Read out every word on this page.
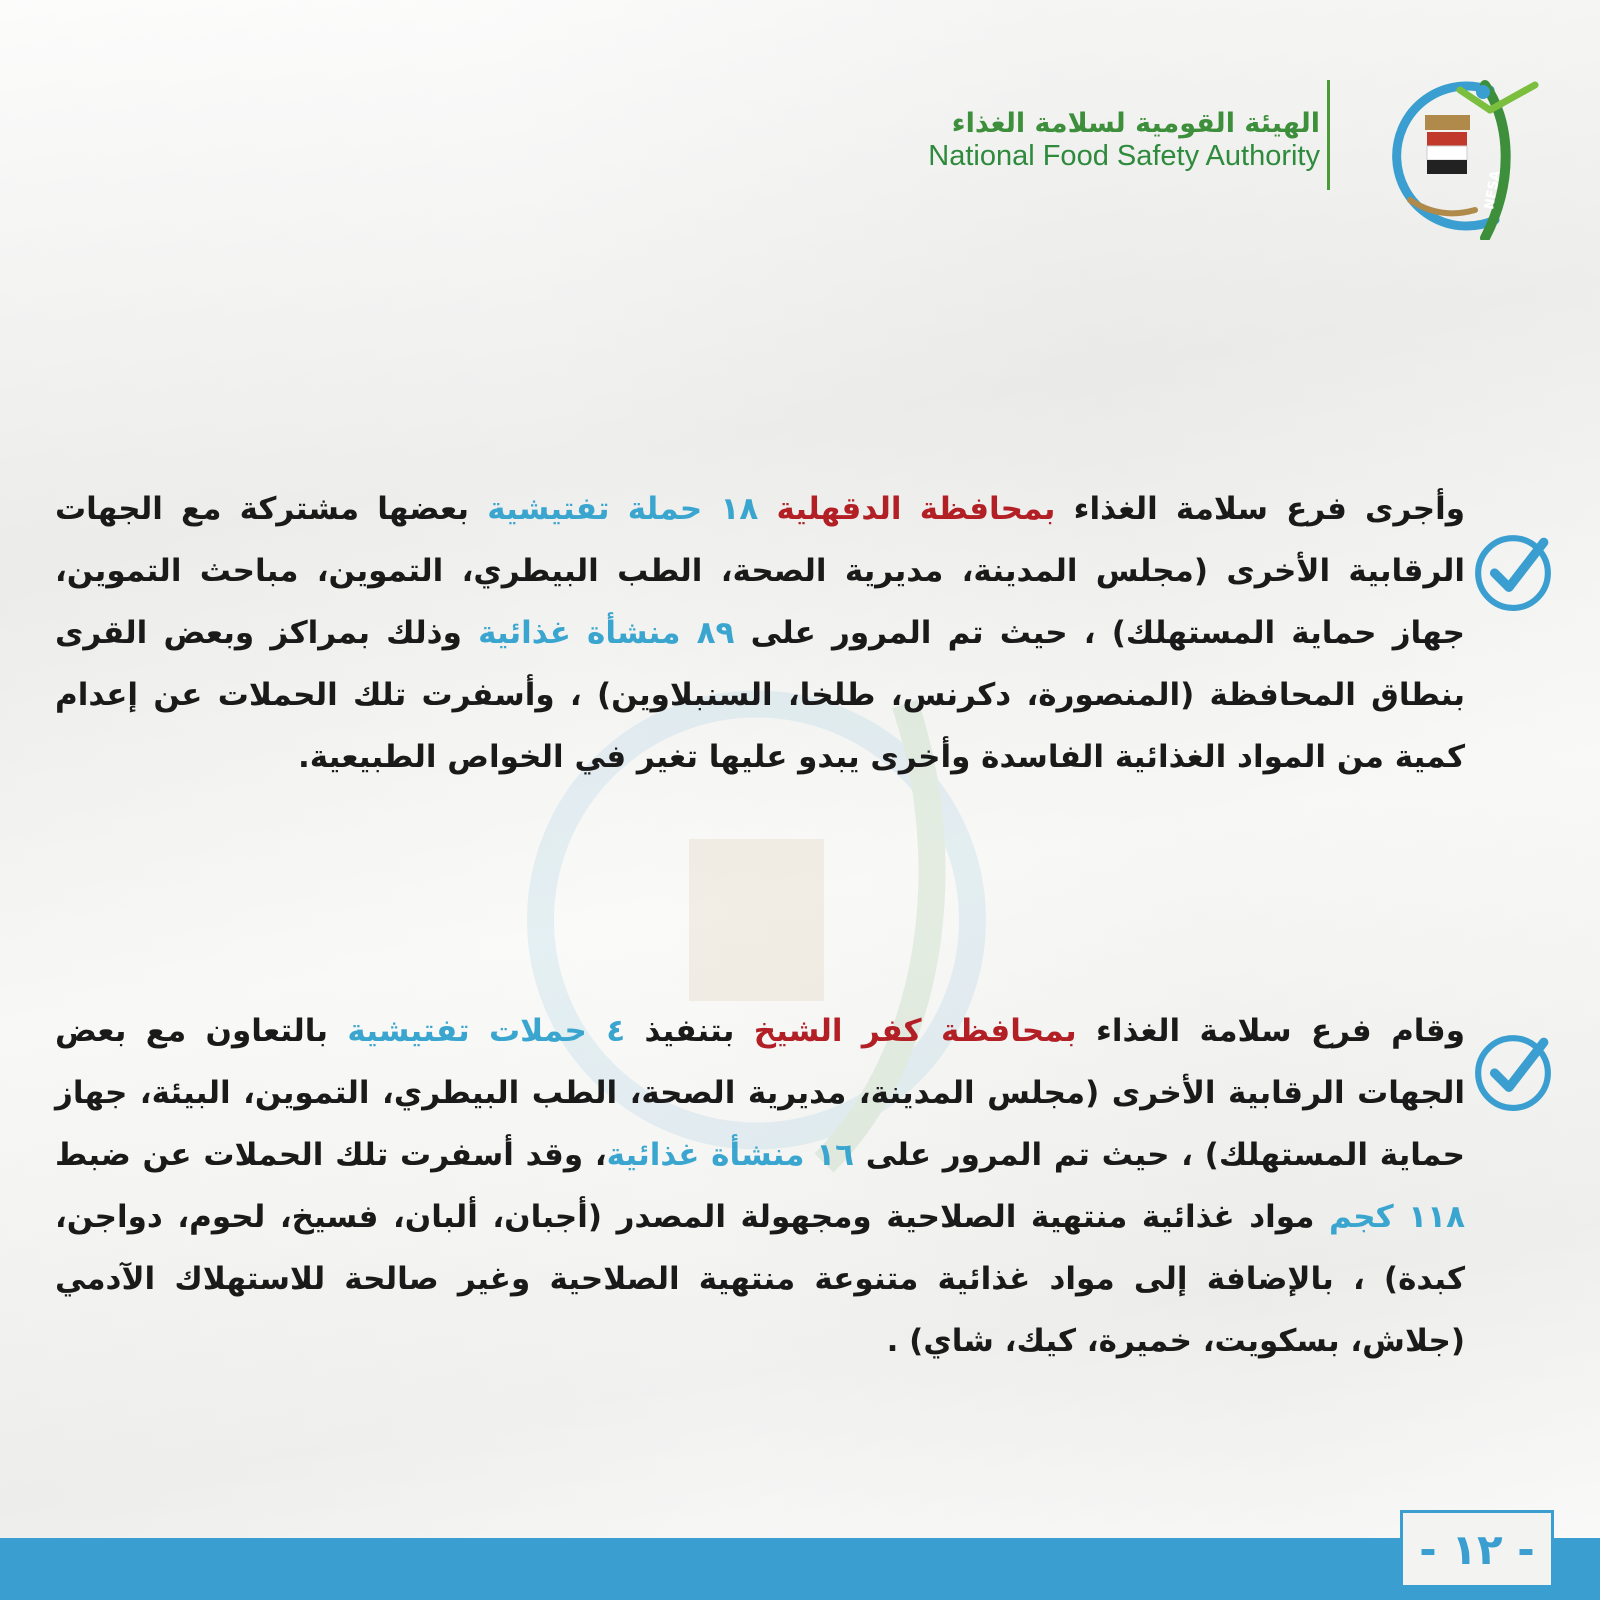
الهيئة القومية لسلامة الغذاء
National Food Safety Authority
NFSA
وأجرى فرع سلامة الغذاء بمحافظة الدقهلية ١٨ حملة تفتيشية بعضها مشتركة مع الجهات الرقابية الأخرى (مجلس المدينة، مديرية الصحة، الطب البيطري، التموين، مباحث التموين، جهاز حماية المستهلك) ، حيث تم المرور على ٨٩ منشأة غذائية وذلك بمراكز وبعض القرى بنطاق المحافظة (المنصورة، دكرنس، طلخا، السنبلاوين) ، وأسفرت تلك الحملات عن إعدام كمية من المواد الغذائية الفاسدة وأخرى يبدو عليها تغير في الخواص الطبيعية.
وقام فرع سلامة الغذاء بمحافظة كفر الشيخ بتنفيذ ٤ حملات تفتيشية بالتعاون مع بعض الجهات الرقابية الأخرى (مجلس المدينة، مديرية الصحة، الطب البيطري، التموين، البيئة، جهاز حماية المستهلك) ، حيث تم المرور على ١٦ منشأة غذائية، وقد أسفرت تلك الحملات عن ضبط ١١٨ كجم مواد غذائية منتهية الصلاحية ومجهولة المصدر (أجبان، ألبان، فسيخ، لحوم، دواجن، كبدة) ، بالإضافة إلى مواد غذائية متنوعة منتهية الصلاحية وغير صالحة للاستهلاك الآدمي (جلاش، بسكويت، خميرة، كيك، شاي) .
- ١٢ -
